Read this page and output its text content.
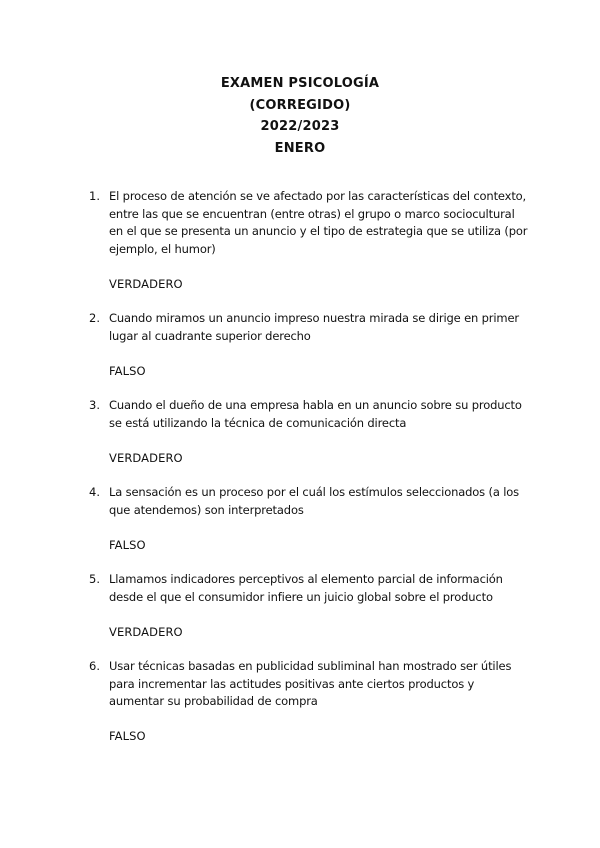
EXAMEN PSICOLOGÍA
(CORREGIDO)
2022/2023
ENERO
1. El proceso de atención se ve afectado por las características del contexto, entre las que se encuentran (entre otras) el grupo o marco sociocultural en el que se presenta un anuncio y el tipo de estrategia que se utiliza (por ejemplo, el humor)
VERDADERO
2. Cuando miramos un anuncio impreso nuestra mirada se dirige en primer lugar al cuadrante superior derecho
FALSO
3. Cuando el dueño de una empresa habla en un anuncio sobre su producto se está utilizando la técnica de comunicación directa
VERDADERO
4. La sensación es un proceso por el cuál los estímulos seleccionados (a los que atendemos) son interpretados
FALSO
5. Llamamos indicadores perceptivos al elemento parcial de información desde el que el consumidor infiere un juicio global sobre el producto
VERDADERO
6. Usar técnicas basadas en publicidad subliminal han mostrado ser útiles para incrementar las actitudes positivas ante ciertos productos y aumentar su probabilidad de compra
FALSO
